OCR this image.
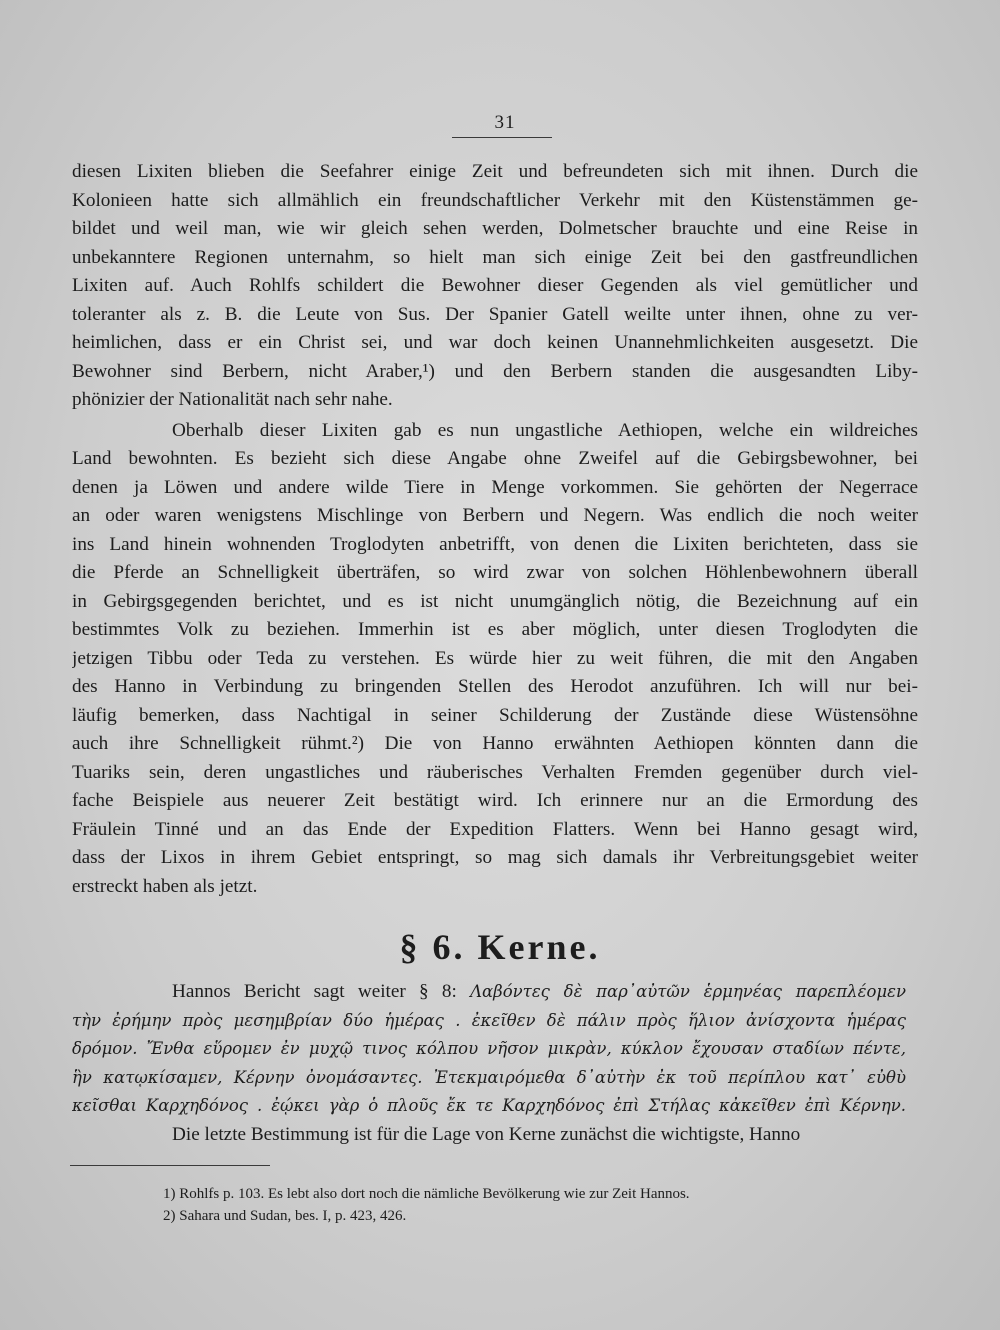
31
diesen Lixiten blieben die Seefahrer einige Zeit und befreundeten sich mit ihnen. Durch die
Kolonieen hatte sich allmählich ein freundschaftlicher Verkehr mit den Küstenstämmen ge-
bildet und weil man, wie wir gleich sehen werden, Dolmetscher brauchte und eine Reise in
unbekanntere Regionen unternahm, so hielt man sich einige Zeit bei den gastfreundlichen
Lixiten auf. Auch Rohlfs schildert die Bewohner dieser Gegenden als viel gemütlicher und
toleranter als z. B. die Leute von Sus. Der Spanier Gatell weilte unter ihnen, ohne zu ver-
heimlichen, dass er ein Christ sei, und war doch keinen Unannehmlichkeiten ausgesetzt. Die
Bewohner sind Berbern, nicht Araber,¹) und den Berbern standen die ausgesandten Liby-
phönizier der Nationalität nach sehr nahe.
Oberhalb dieser Lixiten gab es nun ungastliche Aethiopen, welche ein wildreiches
Land bewohnten. Es bezieht sich diese Angabe ohne Zweifel auf die Gebirgsbewohner, bei
denen ja Löwen und andere wilde Tiere in Menge vorkommen. Sie gehörten der Negerrace
an oder waren wenigstens Mischlinge von Berbern und Negern. Was endlich die noch weiter
ins Land hinein wohnenden Troglodyten anbetrifft, von denen die Lixiten berichteten, dass sie
die Pferde an Schnelligkeit überträfen, so wird zwar von solchen Höhlenbewohnern überall
in Gebirgsgegenden berichtet, und es ist nicht unumgänglich nötig, die Bezeichnung auf ein
bestimmtes Volk zu beziehen. Immerhin ist es aber möglich, unter diesen Troglodyten die
jetzigen Tibbu oder Teda zu verstehen. Es würde hier zu weit führen, die mit den Angaben
des Hanno in Verbindung zu bringenden Stellen des Herodot anzuführen. Ich will nur bei-
läufig bemerken, dass Nachtigal in seiner Schilderung der Zustände diese Wüstensöhne
auch ihre Schnelligkeit rühmt.²) Die von Hanno erwähnten Aethiopen könnten dann die
Tuariks sein, deren ungastliches und räuberisches Verhalten Fremden gegenüber durch viel-
fache Beispiele aus neuerer Zeit bestätigt wird. Ich erinnere nur an die Ermordung des
Fräulein Tinné und an das Ende der Expedition Flatters. Wenn bei Hanno gesagt wird,
dass der Lixos in ihrem Gebiet entspringt, so mag sich damals ihr Verbreitungsgebiet weiter
erstreckt haben als jetzt.
§ 6. Kerne.
Hannos Bericht sagt weiter § 8: Λαβόντες δὲ παρ᾽αὐτῶν ἑρμηνέας παρεπλέομεν
τὴν ἐρήμην πρὸς μεσημβρίαν δύο ἡμέρας . ἐκεῖθεν δὲ πάλιν πρὸς ἥλιον ἀνίσχοντα ἡμέρας
δρόμον. Ἔνθα εὕρομεν ἐν μυχῷ τινος κόλπου νῆσον μικρὰν, κύκλον ἔχουσαν σταδίων πέντε,
ἣν κατῳκίσαμεν, Κέρνην ὀνομάσαντες. Ἐτεκμαιρόμεθα δ᾽αὐτὴν ἐκ τοῦ περίπλου κατ᾽ εὐθὺ
κεῖσθαι Καρχηδόνος . ἐῴκει γὰρ ὁ πλοῦς ἔκ τε Καρχηδόνος ἐπὶ Στήλας κἀκεῖθεν ἐπὶ Κέρνην.
Die letzte Bestimmung ist für die Lage von Kerne zunächst die wichtigste, Hanno
1) Rohlfs p. 103. Es lebt also dort noch die nämliche Bevölkerung wie zur Zeit Hannos.
2) Sahara und Sudan, bes. I, p. 423, 426.
